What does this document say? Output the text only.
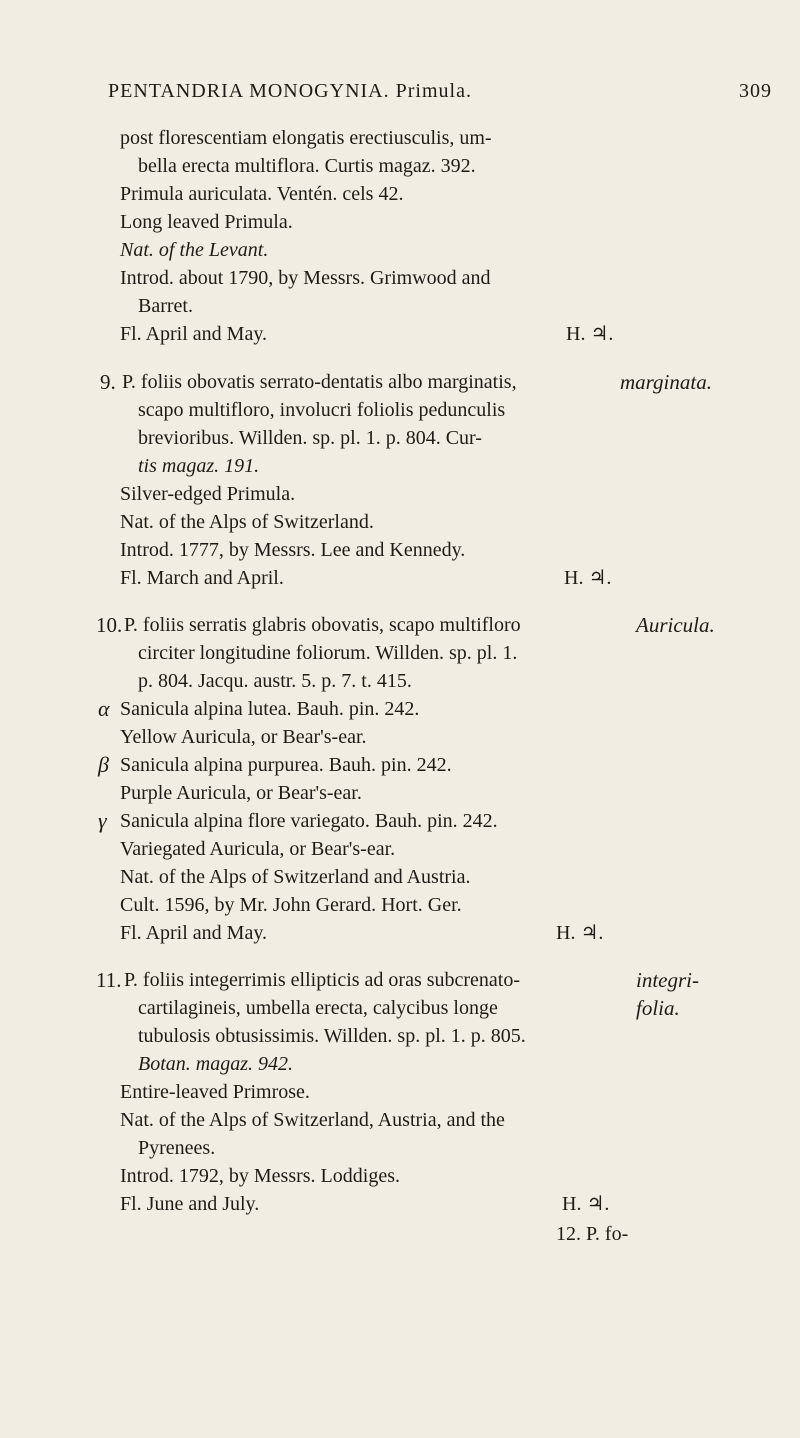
PENTANDRIA MONOGYNIA. Primula.	309
post florescentiam elongatis erectiusculis, um-
bella erecta multiflora. Curtis magaz. 392.
Primula auriculata. Ventén. cels 42.
Long leaved Primula.
Nat. of the Levant.
Introd. about 1790, by Messrs. Grimwood and
Barret.
Fl. April and May.	H. ♃.
9.	marginata.
P. foliis obovatis serrato-dentatis albo marginatis,
scapo multifloro, involucri foliolis pedunculis
brevioribus. Willden. sp. pl. 1. p. 804. Cur-
tis magaz. 191.
Silver-edged Primula.
Nat. of the Alps of Switzerland.
Introd. 1777, by Messrs. Lee and Kennedy.
Fl. March and April.	H. ♃.
10.	Auricula.
P. foliis serratis glabris obovatis, scapo multifloro
circiter longitudine foliorum. Willden. sp. pl. 1.
p. 804. Jacqu. austr. 5. p. 7. t. 415.
α Sanicula alpina lutea. Bauh. pin. 242.
Yellow Auricula, or Bear's-ear.
β Sanicula alpina purpurea. Bauh. pin. 242.
Purple Auricula, or Bear's-ear.
γ Sanicula alpina flore variegato. Bauh. pin. 242.
Variegated Auricula, or Bear's-ear.
Nat. of the Alps of Switzerland and Austria.
Cult. 1596, by Mr. John Gerard. Hort. Ger.
Fl. April and May.	H. ♃.
11.	integri-
folia.
P. foliis integerrimis ellipticis ad oras subcrenato-
cartilagineis, umbella erecta, calycibus longe
tubulosis obtusissimis. Willden. sp. pl. 1. p. 805.
Botan. magaz. 942.
Entire-leaved Primrose.
Nat. of the Alps of Switzerland, Austria, and the
Pyrenees.
Introd. 1792, by Messrs. Loddiges.
Fl. June and July.	H. ♃.
12. P. fo-
